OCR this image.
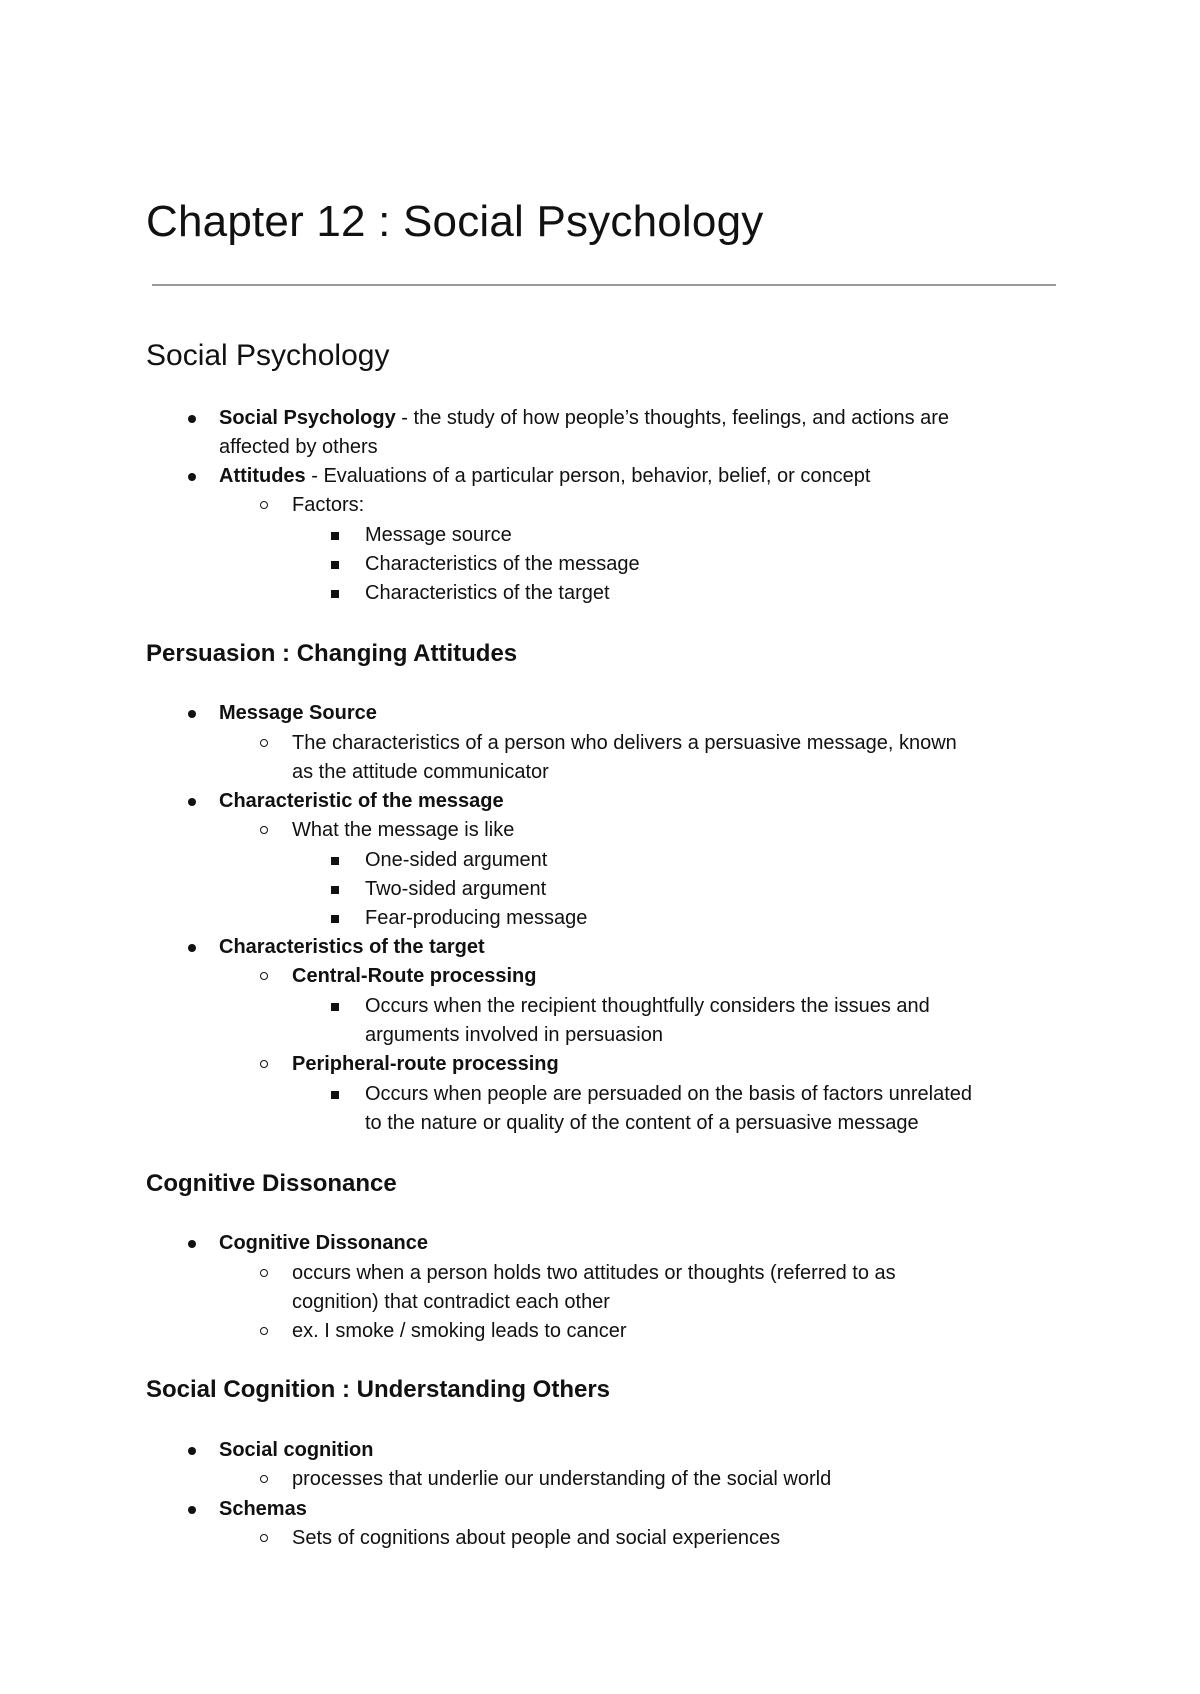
Chapter 12 : Social Psychology
Social Psychology
Social Psychology - the study of how people’s thoughts, feelings, and actions are
affected by others
Attitudes - Evaluations of a particular person, behavior, belief, or concept
Factors:
Message source
Characteristics of the message
Characteristics of the target
Persuasion : Changing Attitudes
Message Source
The characteristics of a person who delivers a persuasive message, known
as the attitude communicator
Characteristic of the message
What the message is like
One-sided argument
Two-sided argument
Fear-producing message
Characteristics of the target
Central-Route processing
Occurs when the recipient thoughtfully considers the issues and
arguments involved in persuasion
Peripheral-route processing
Occurs when people are persuaded on the basis of factors unrelated
to the nature or quality of the content of a persuasive message
Cognitive Dissonance
Cognitive Dissonance
occurs when a person holds two attitudes or thoughts (referred to as
cognition) that contradict each other
ex. I smoke / smoking leads to cancer
Social Cognition : Understanding Others
Social cognition
processes that underlie our understanding of the social world
Schemas
Sets of cognitions about people and social experiences
